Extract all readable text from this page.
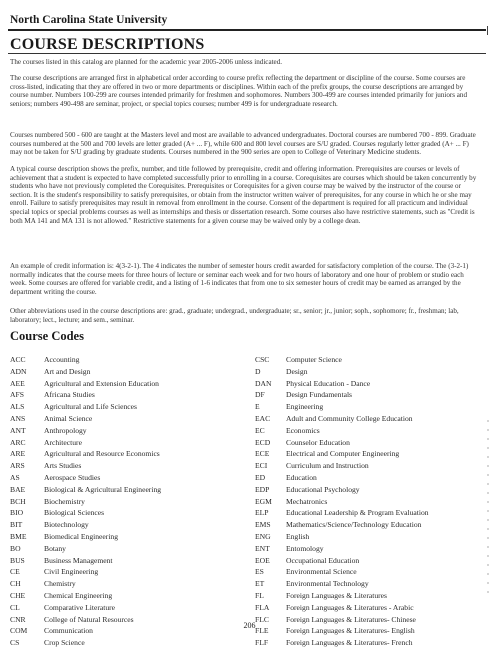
North Carolina State University
COURSE DESCRIPTIONS

The courses listed in this catalog are planned for the academic year 2005-2006 unless indicated.

The course descriptions are arranged first in alphabetical order according to course prefix reflecting the department or discipline of the course. Some courses are cross-listed, indicating that they are offered in two or more departments or disciplines. Within each of the prefix groups, the course descriptions are arranged by course number. Numbers 100-299 are courses intended primarily for freshmen and sophomores. Numbers 300-499 are courses intended primarily for juniors and seniors; numbers 490-498 are seminar, project, or special topics courses; number 499 is for undergraduate research.

Courses numbered 500 - 600 are taught at the Masters level and most are available to advanced undergraduates. Doctoral courses are numbered 700 - 899. Graduate courses numbered at the 500 and 700 levels are letter graded (A+ ... F), while 600 and 800 level courses are S/U graded. Courses regularly letter graded (A+ ... F) may not be taken for S/U grading by graduate students. Courses numbered in the 900 series are open to College of Veterinary Medicine students.

A typical course description shows the prefix, number, and title followed by prerequisite, credit and offering information. Prerequisites are courses or levels of achievement that a student is expected to have completed successfully prior to enrolling in a course. Corequisites are courses which should be taken concurrently by students who have not previously completed the Corequisites. Prerequisites or Corequisites for a given course may be waived by the instructor of the course or section. It is the student's responsibility to satisfy prerequisites, or obtain from the instructor written waiver of prerequisites, for any course in which he or she may enroll. Failure to satisfy prerequisites may result in removal from enrollment in the course. Consent of the department is required for all practicum and individual special topics or special problems courses as well as internships and thesis or dissertation research. Some courses also have restrictive statements, such as "Credit is both MA 141 and MA 131 is not allowed." Restrictive statements for a given course may be waived only by a college dean.

An example of credit information is: 4(3-2-1). The 4 indicates the number of semester hours credit awarded for satisfactory completion of the course. The (3-2-1) normally indicates that the course meets for three hours of lecture or seminar each week and for two hours of laboratory and one hour of problem or studio each week. Some courses are offered for variable credit, and a listing of 1-6 indicates that from one to six semester hours of credit may be earned as arranged by the department writing the course.

Other abbreviations used in the course descriptions are: grad., graduate; undergrad., undergraduate; sr., senior; jr., junior; soph., sophomore; fr., freshman; lab, laboratory; lect., lecture; and sem., seminar.

Course Codes
ACC Accounting
ADN Art and Design
AEE	Agricultural and Extension Education
AFS	Africana Studies
ALS	Agricultural and Life Sciences
ANS Animal Science
ANT Anthropology
ARC Architecture
ARE Agricultural and Resource Economics
ARS	Arts Studies
AS	Aerospace Studies
BAE Biological & Agricultural Engineering
BCH Biochemistry
BIO	Biological Sciences
BIT	Biotechnology
BME Biomedical Engineering
BO	Botany
BUS	Business Management
CE	Civil Engineering
CH	Chemistry
CHE Chemical Engineering
CL	Comparative Literature
CNR College of Natural Resources
COM Communication
CS	Crop Science
CSC Computer Science
D	Design
DAN Physical Education - Dance
DF	Design Fundamentals
E	Engineering
EAC Adult and Community College Education
EC	Economics
ECD Counselor Education
ECE Electrical and Computer Engineering
ECI Curriculum and Instruction
ED	Education
EDP Educational Psychology
EGM Mechatronics
ELP Educational Leadership & Program Evaluation
EMS Mathematics/Science/Technology Education
ENG English
ENT Entomology
EOE Occupational Education
ES	Environmental Science
ET	Environmental Technology
FL	Foreign Languages & Literatures
FLA Foreign Languages & Literatures - Arabic
FLC Foreign Languages & Literatures- Chinese
FLE Foreign Languages & Literatures- English
FLF Foreign Languages & Literatures- French
206
